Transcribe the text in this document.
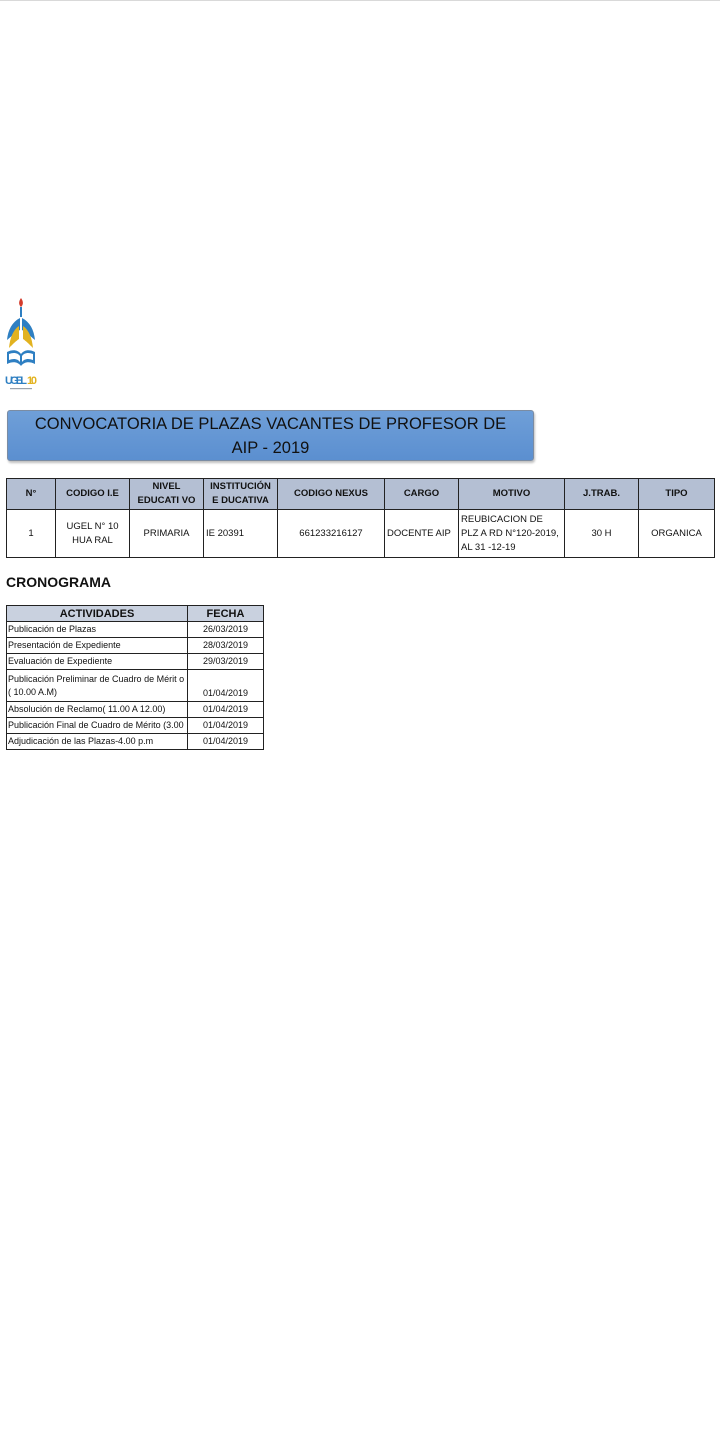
UGEL 10
CONVOCATORIA DE PLAZAS VACANTES DE PROFESOR DE AIP - 2019
N°	CODIGO I.E	NIVEL EDUCATI VO	INSTITUCIÓN E DUCATIVA	CODIGO NEXUS	CARGO	MOTIVO	J.TRAB.	TIPO
1	UGEL N° 10 HUA RAL	PRIMARIA	IE 20391	661233216127	DOCENTE AIP	REUBICACION DE PLZ A RD N°120-2019, AL 31 -12-19	30 H	ORGANICA
CRONOGRAMA
ACTIVIDADES	FECHA
Publicación de Plazas	26/03/2019
Presentación de Expediente	28/03/2019
Evaluación de Expediente	29/03/2019
Publicación Preliminar de Cuadro de Mérit o ( 10.00 A.M)	01/04/2019
Absolución de Reclamo( 11.00 A 12.00)	01/04/2019
Publicación Final de Cuadro de Mérito (3.00	01/04/2019
Adjudicación de las Plazas-4.00 p.m	01/04/2019
